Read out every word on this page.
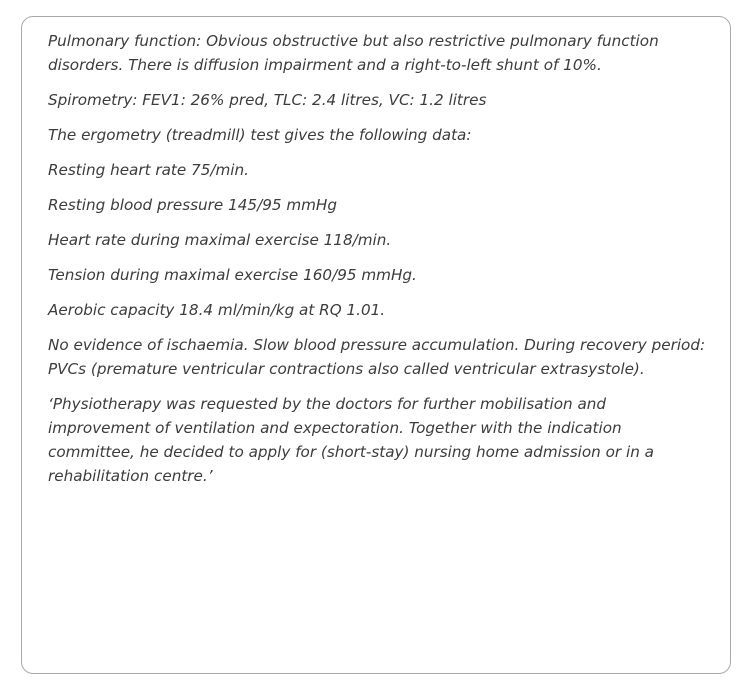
Pulmonary function: Obvious obstructive but also restrictive pulmonary function disorders. There is diffusion impairment and a right-to-left shunt of 10%.

Spirometry: FEV1: 26% pred, TLC: 2.4 litres, VC: 1.2 litres

The ergometry (treadmill) test gives the following data:

Resting heart rate 75/min.

Resting blood pressure 145/95 mmHg

Heart rate during maximal exercise 118/min.

Tension during maximal exercise 160/95 mmHg.

Aerobic capacity 18.4 ml/min/kg at RQ 1.01.

No evidence of ischaemia. Slow blood pressure accumulation. During recovery period: PVCs (premature ventricular contractions also called ventricular extrasystole).

‘Physiotherapy was requested by the doctors for further mobilisation and improvement of ventilation and expectoration. Together with the indication committee, he decided to apply for (short-stay) nursing home admission or in a rehabilitation centre.’
